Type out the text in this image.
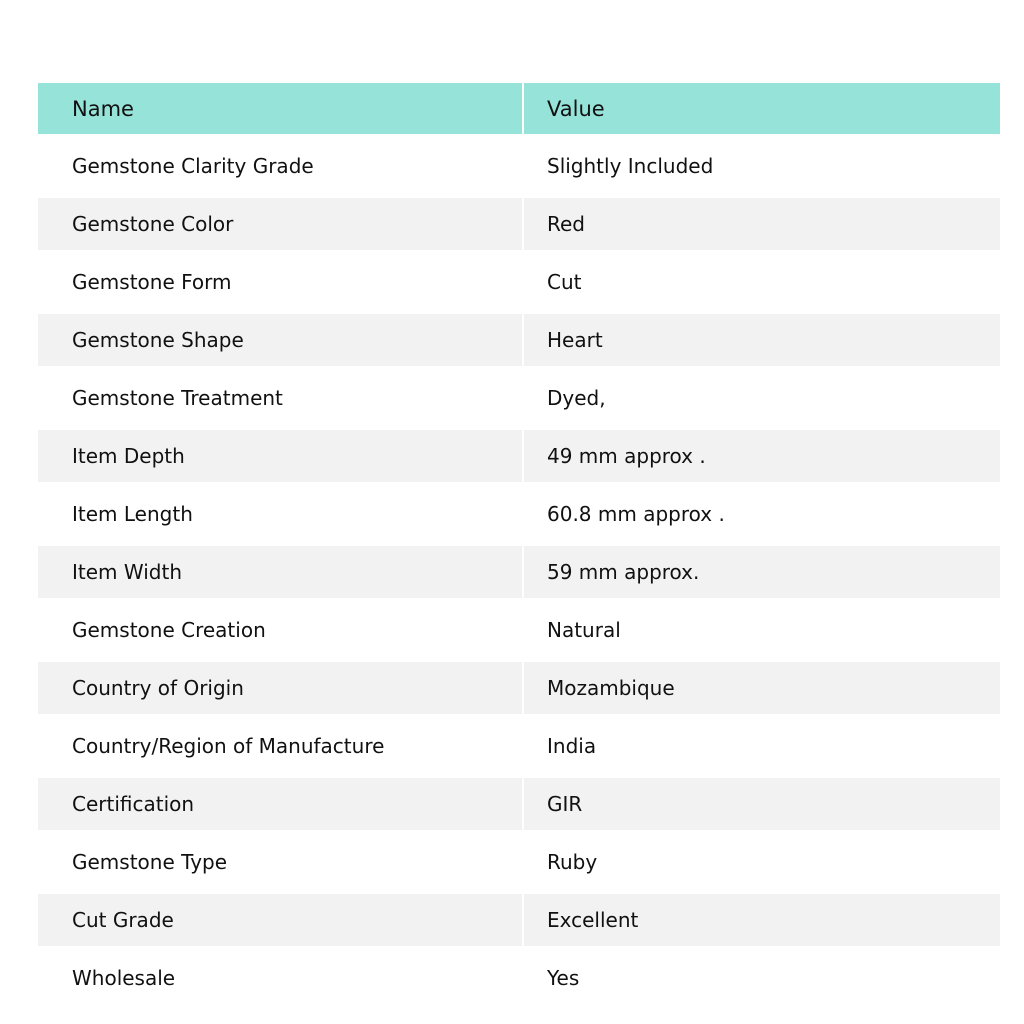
Name	Value
Gemstone Clarity Grade	Slightly Included
Gemstone Color	Red
Gemstone Form	Cut
Gemstone Shape	Heart
Gemstone Treatment	Dyed,
Item Depth	49 mm approx .
Item Length	60.8 mm approx .
Item Width	59 mm approx.
Gemstone Creation	Natural
Country of Origin	Mozambique
Country/Region of Manufacture	India
Certification	GIR
Gemstone Type	Ruby
Cut Grade	Excellent
Wholesale	Yes
